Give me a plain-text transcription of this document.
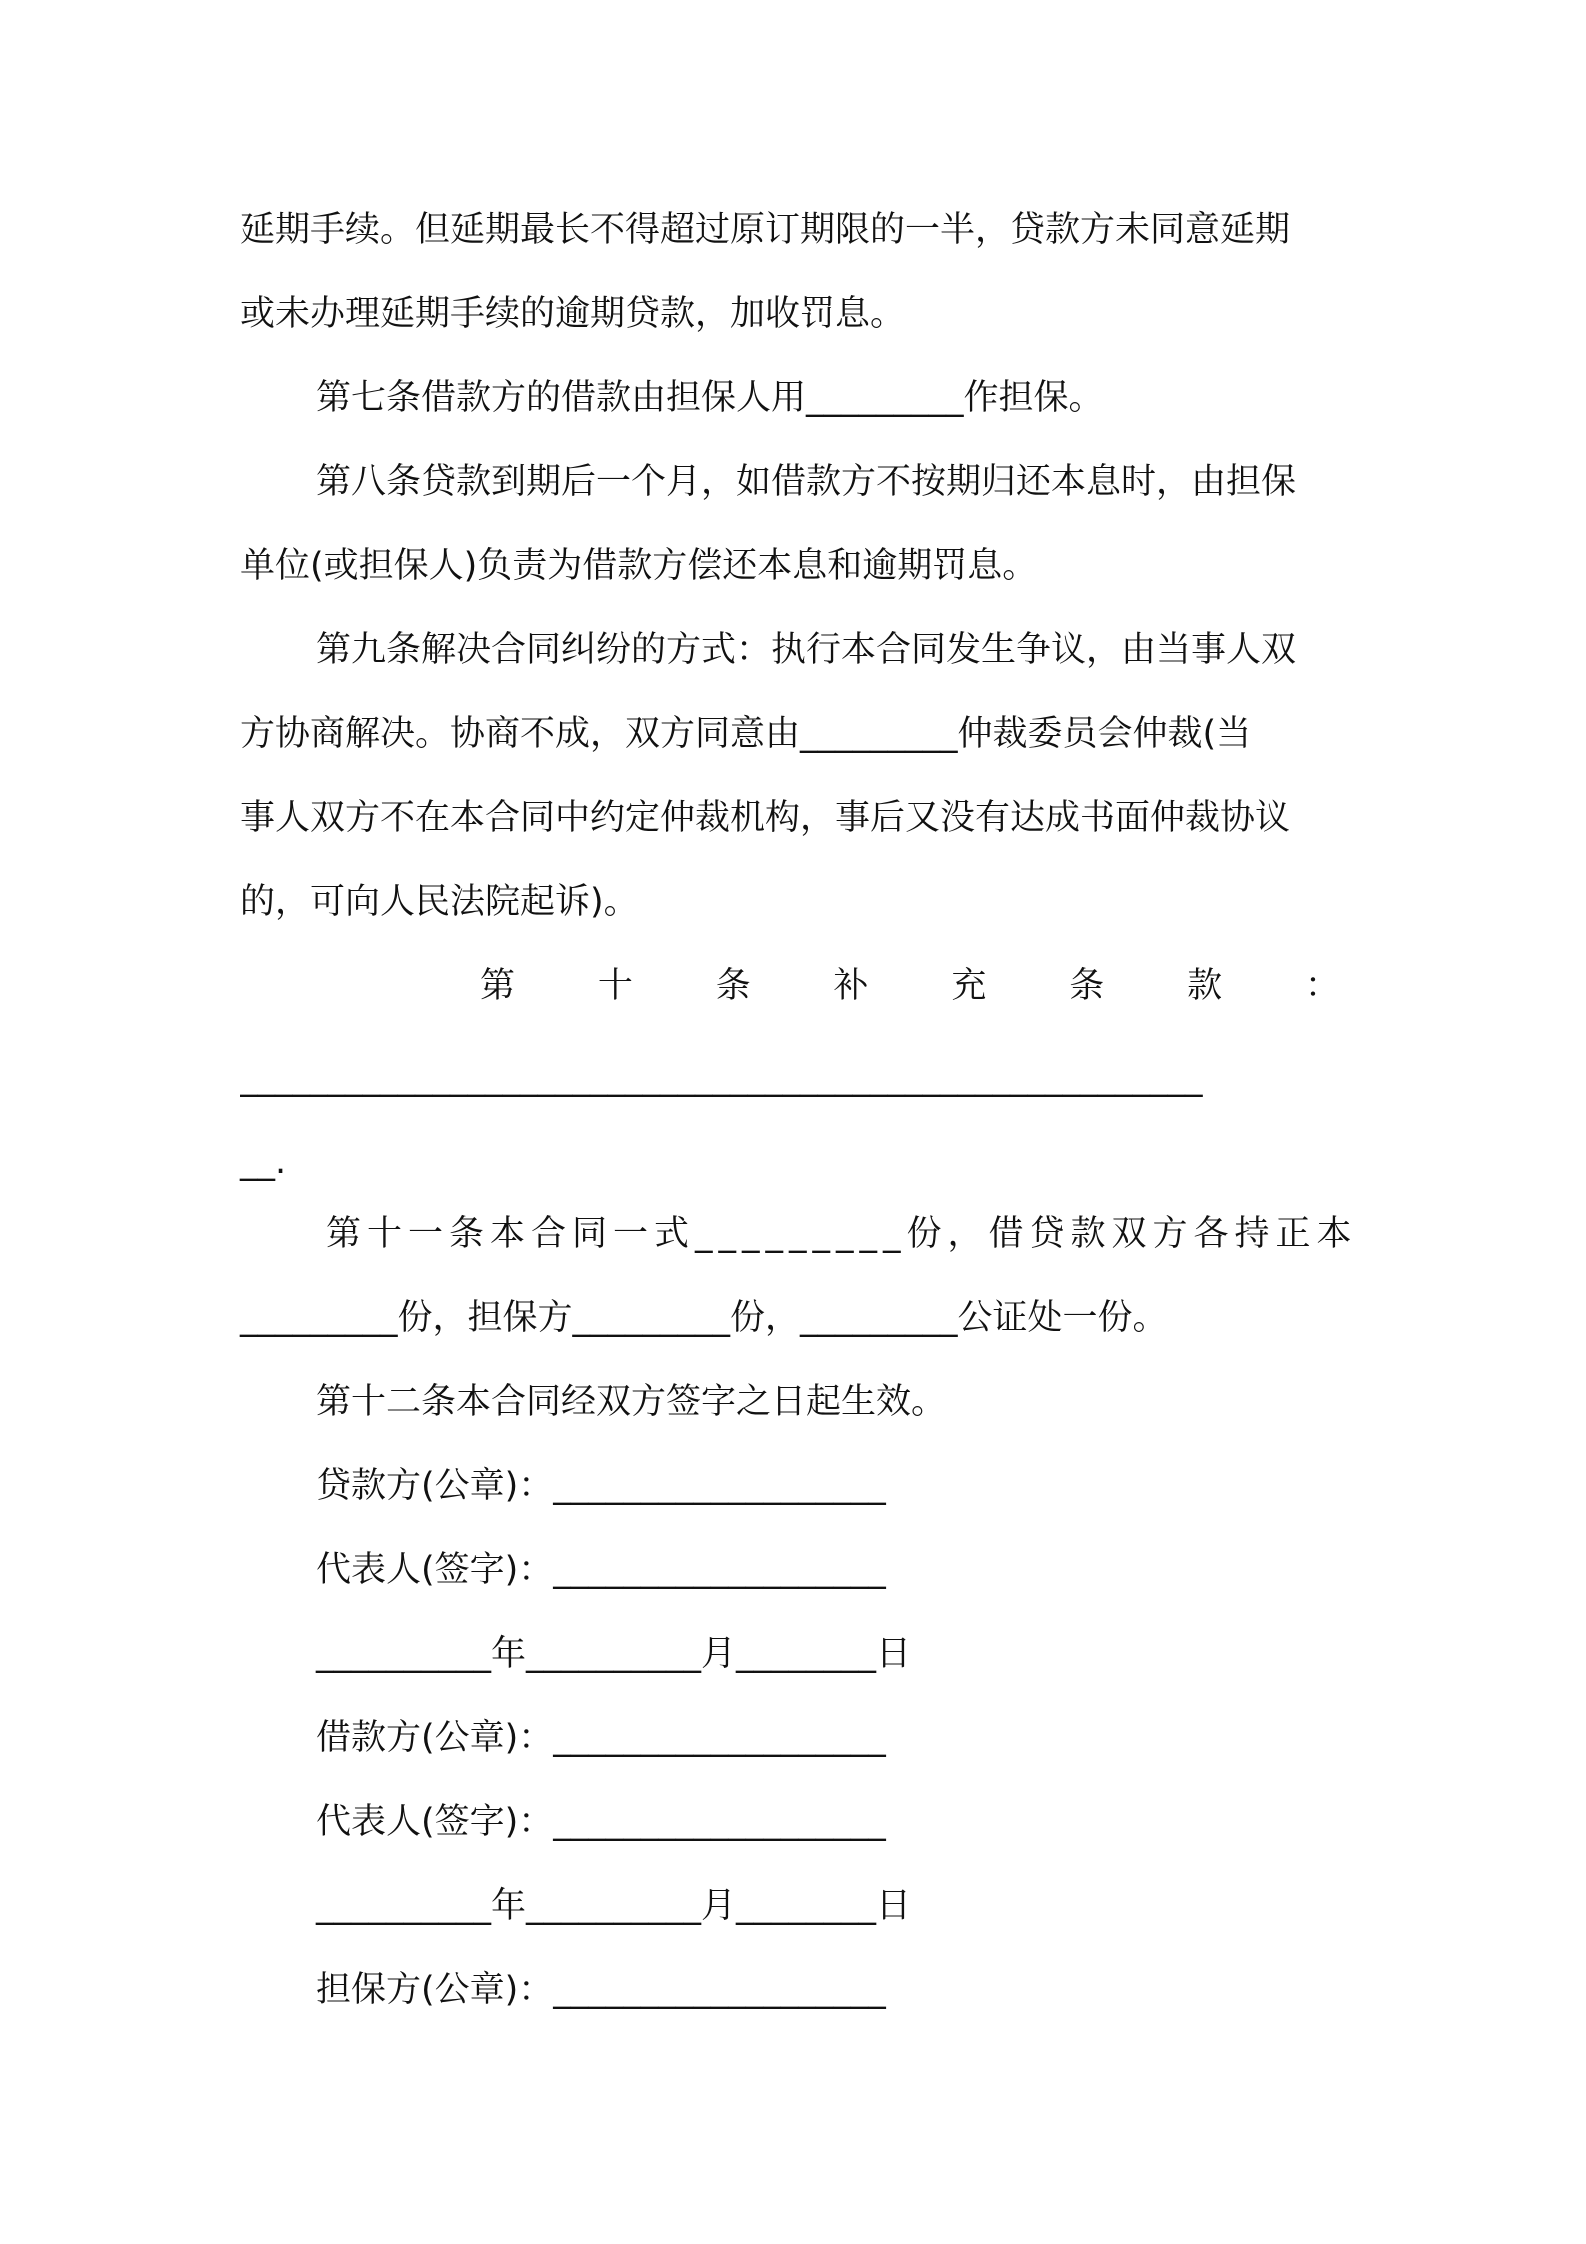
延期手续。但延期最长不得超过原订期限的一半，贷款方未同意延期
或未办理延期手续的逾期贷款，加收罚息。
第七条借款方的借款由担保人用_________作担保。
第八条贷款到期后一个月，如借款方不按期归还本息时，由担保
单位(或担保人)负责为借款方偿还本息和逾期罚息。
第九条解决合同纠纷的方式：执行本合同发生争议，由当事人双
方协商解决。协商不成，双方同意由_________仲裁委员会仲裁(当
事人双方不在本合同中约定仲裁机构，事后又没有达成书面仲裁协议
的，可向人民法院起诉)。
第 十 条 补 充 条 款 ：
_______________________________________________________
__.
第十一条本合同一式_________份，借贷款双方各持正本
_________份，担保方_________份，_________公证处一份。
第十二条本合同经双方签字之日起生效。
贷款方(公章)：___________________
代表人(签字)：___________________
__________年__________月________日
借款方(公章)：___________________
代表人(签字)：___________________
__________年__________月________日
担保方(公章)：___________________
